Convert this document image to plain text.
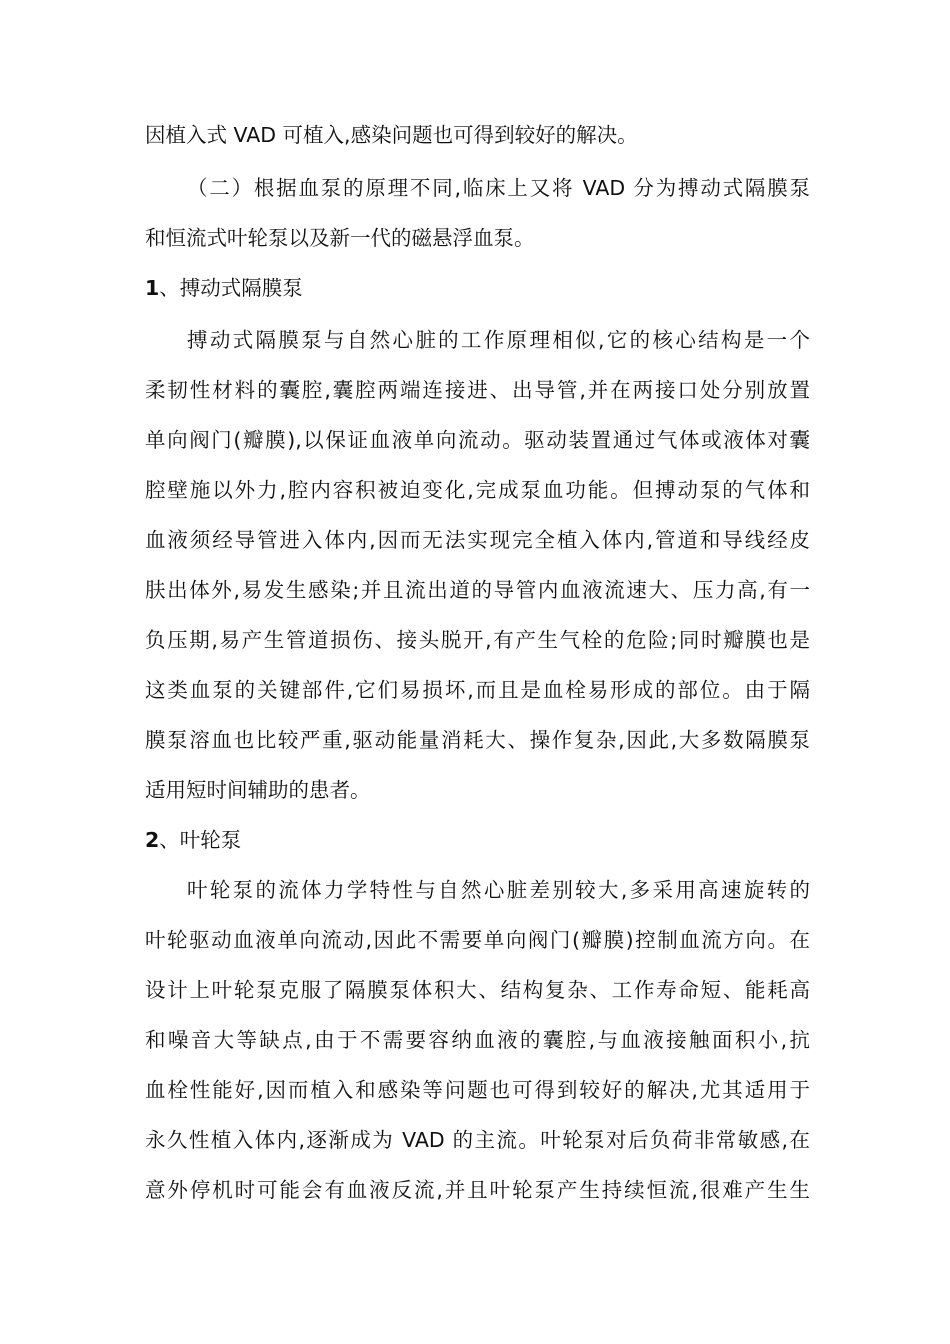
因植入式 VAD 可植入,感染问题也可得到较好的解决。
（二）根据血泵的原理不同,临床上又将 VAD 分为搏动式隔膜泵
和恒流式叶轮泵以及新一代的磁悬浮血泵。
1、搏动式隔膜泵
搏动式隔膜泵与自然心脏的工作原理相似,它的核心结构是一个
柔韧性材料的囊腔,囊腔两端连接进、出导管,并在两接口处分别放置
单向阀门(瓣膜),以保证血液单向流动。驱动装置通过气体或液体对囊
腔壁施以外力,腔内容积被迫变化,完成泵血功能。但搏动泵的气体和
血液须经导管进入体内,因而无法实现完全植入体内,管道和导线经皮
肤出体外,易发生感染;并且流出道的导管内血液流速大、压力高,有一
负压期,易产生管道损伤、接头脱开,有产生气栓的危险;同时瓣膜也是
这类血泵的关键部件,它们易损坏,而且是血栓易形成的部位。由于隔
膜泵溶血也比较严重,驱动能量消耗大、操作复杂,因此,大多数隔膜泵
适用短时间辅助的患者。
2、叶轮泵
叶轮泵的流体力学特性与自然心脏差别较大,多采用高速旋转的
叶轮驱动血液单向流动,因此不需要单向阀门(瓣膜)控制血流方向。在
设计上叶轮泵克服了隔膜泵体积大、结构复杂、工作寿命短、能耗高
和噪音大等缺点,由于不需要容纳血液的囊腔,与血液接触面积小,抗
血栓性能好,因而植入和感染等问题也可得到较好的解决,尤其适用于
永久性植入体内,逐渐成为 VAD 的主流。叶轮泵对后负荷非常敏感,在
意外停机时可能会有血液反流,并且叶轮泵产生持续恒流,很难产生生
